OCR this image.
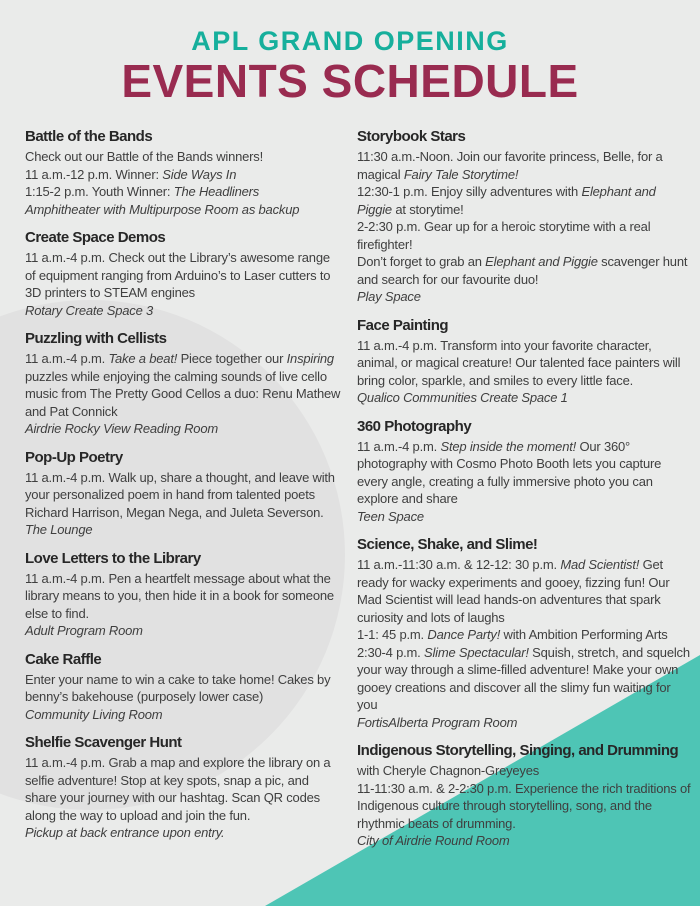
APL GRAND OPENING
EVENTS SCHEDULE
Battle of the Bands
Check out our Battle of the Bands winners!
11 a.m.-12 p.m. Winner: Side Ways In
1:15-2 p.m. Youth Winner: The Headliners
Amphitheater with Multipurpose Room as backup
Create Space Demos
11 a.m.-4 p.m. Check out the Library’s awesome range of equipment ranging from Arduino’s to Laser cutters to 3D printers to STEAM engines
Rotary Create Space 3
Puzzling with Cellists
11 a.m.-4 p.m. Take a beat! Piece together our Inspiring puzzles while enjoying the calming sounds of live cello music from The Pretty Good Cellos a duo: Renu Mathew and Pat Connick
Airdrie Rocky View Reading Room
Pop-Up Poetry
11 a.m.-4 p.m. Walk up, share a thought, and leave with your personalized poem in hand from talented poets Richard Harrison, Megan Nega, and Juleta Severson.
The Lounge
Love Letters to the Library
11 a.m.-4 p.m. Pen a heartfelt message about what the library means to you, then hide it in a book for someone else to find.
Adult Program Room
Cake Raffle
Enter your name to win a cake to take home! Cakes by benny’s bakehouse (purposely lower case)
Community Living Room
Shelfie Scavenger Hunt
11 a.m.-4 p.m. Grab a map and explore the library on a selfie adventure! Stop at key spots, snap a pic, and share your journey with our hashtag. Scan QR codes along the way to upload and join the fun.
Pickup at back entrance upon entry.
Storybook Stars
11:30 a.m.-Noon. Join our favorite princess, Belle, for a magical Fairy Tale Storytime!
12:30-1 p.m. Enjoy silly adventures with Elephant and Piggie at storytime!
2-2:30 p.m. Gear up for a heroic storytime with a real firefighter!
Don’t forget to grab an Elephant and Piggie scavenger hunt and search for our favourite duo!
Play Space
Face Painting
11 a.m.-4 p.m. Transform into your favorite character, animal, or magical creature! Our talented face painters will bring color, sparkle, and smiles to every little face.
Qualico Communities Create Space 1
360 Photography
11 a.m.-4 p.m. Step inside the moment! Our 360° photography with Cosmo Photo Booth lets you capture every angle, creating a fully immersive photo you can explore and share
Teen Space
Science, Shake, and Slime!
11 a.m.-11:30 a.m. & 12-12: 30 p.m. Mad Scientist! Get ready for wacky experiments and gooey, fizzing fun! Our Mad Scientist will lead hands-on adventures that spark curiosity and lots of laughs
1-1: 45 p.m. Dance Party! with Ambition Performing Arts
2:30-4 p.m. Slime Spectacular! Squish, stretch, and squelch your way through a slime-filled adventure! Make your own gooey creations and discover all the slimy fun waiting for you
FortisAlberta Program Room
Indigenous Storytelling, Singing, and Drumming
with Cheryle Chagnon-Greyeyes
11-11:30 a.m. & 2-2:30 p.m. Experience the rich traditions of Indigenous culture through storytelling, song, and the rhythmic beats of drumming.
City of Airdrie Round Room
